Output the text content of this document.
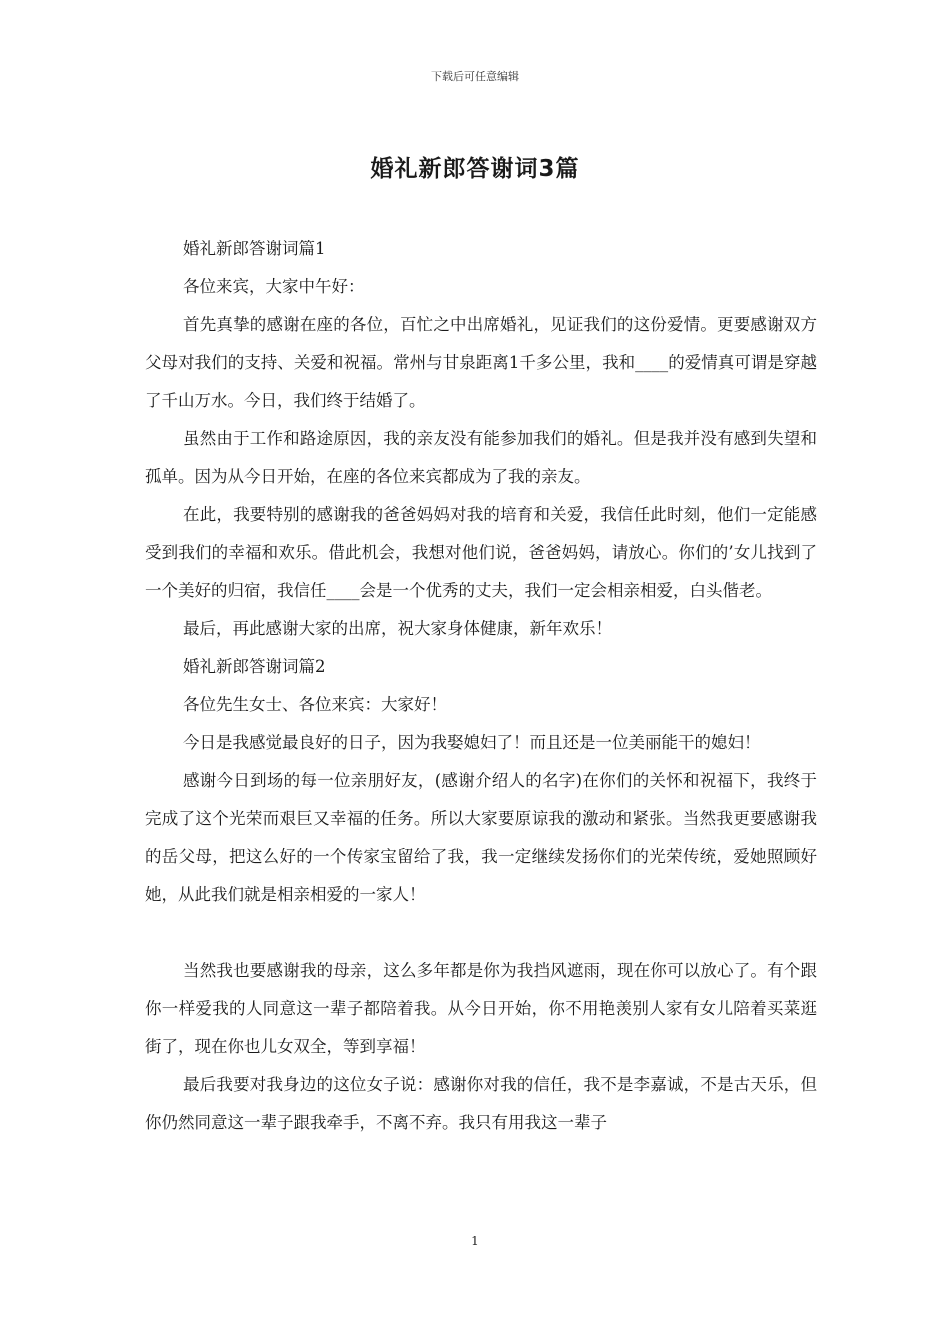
下载后可任意编辑
婚礼新郎答谢词3篇

婚礼新郎答谢词篇1

各位来宾，大家中午好：

首先真挚的感谢在座的各位，百忙之中出席婚礼，见证我们的这份爱情。更要感谢双方父母对我们的支持、关爱和祝福。常州与甘泉距离1千多公里，我和____的爱情真可谓是穿越了千山万水。今日，我们终于结婚了。

虽然由于工作和路途原因，我的亲友没有能参加我们的婚礼。但是我并没有感到失望和孤单。因为从今日开始，在座的各位来宾都成为了我的亲友。

在此，我要特别的感谢我的爸爸妈妈对我的培育和关爱，我信任此时刻，他们一定能感受到我们的幸福和欢乐。借此机会，我想对他们说，爸爸妈妈，请放心。你们的’女儿找到了一个美好的归宿，我信任____会是一个优秀的丈夫，我们一定会相亲相爱，白头偕老。

最后，再此感谢大家的出席，祝大家身体健康，新年欢乐！

婚礼新郎答谢词篇2

各位先生女士、各位来宾：大家好！

今日是我感觉最良好的日子，因为我娶媳妇了！而且还是一位美丽能干的媳妇！

感谢今日到场的每一位亲朋好友，(感谢介绍人的名字)在你们的关怀和祝福下，我终于完成了这个光荣而艰巨又幸福的任务。所以大家要原谅我的激动和紧张。当然我更要感谢我的岳父母，把这么好的一个传家宝留给了我，我一定继续发扬你们的光荣传统，爱她照顾好她，从此我们就是相亲相爱的一家人！

当然我也要感谢我的母亲，这么多年都是你为我挡风遮雨，现在你可以放心了。有个跟你一样爱我的人同意这一辈子都陪着我。从今日开始，你不用艳羡别人家有女儿陪着买菜逛街了，现在你也儿女双全，等到享福！

最后我要对我身边的这位女子说：感谢你对我的信任，我不是李嘉诚，不是古天乐，但你仍然同意这一辈子跟我牵手，不离不弃。我只有用我这一辈子

1
